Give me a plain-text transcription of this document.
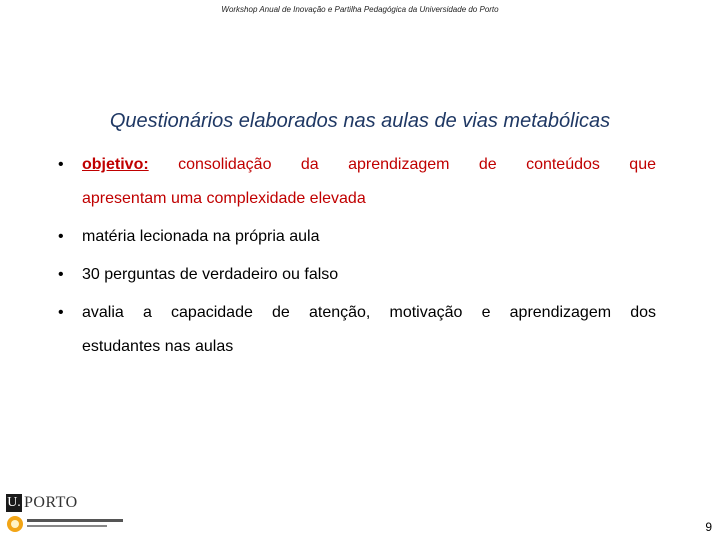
Workshop Anual de Inovação e Partilha Pedagógica da Universidade do Porto
Questionários elaborados nas aulas de vias metabólicas
• objetivo: consolidação da aprendizagem de conteúdos que
apresentam uma complexidade elevada
• matéria lecionada na própria aula
• 30 perguntas de verdadeiro ou falso
• avalia a capacidade de atenção, motivação e aprendizagem dos
estudantes nas aulas
U. PORTO
9
